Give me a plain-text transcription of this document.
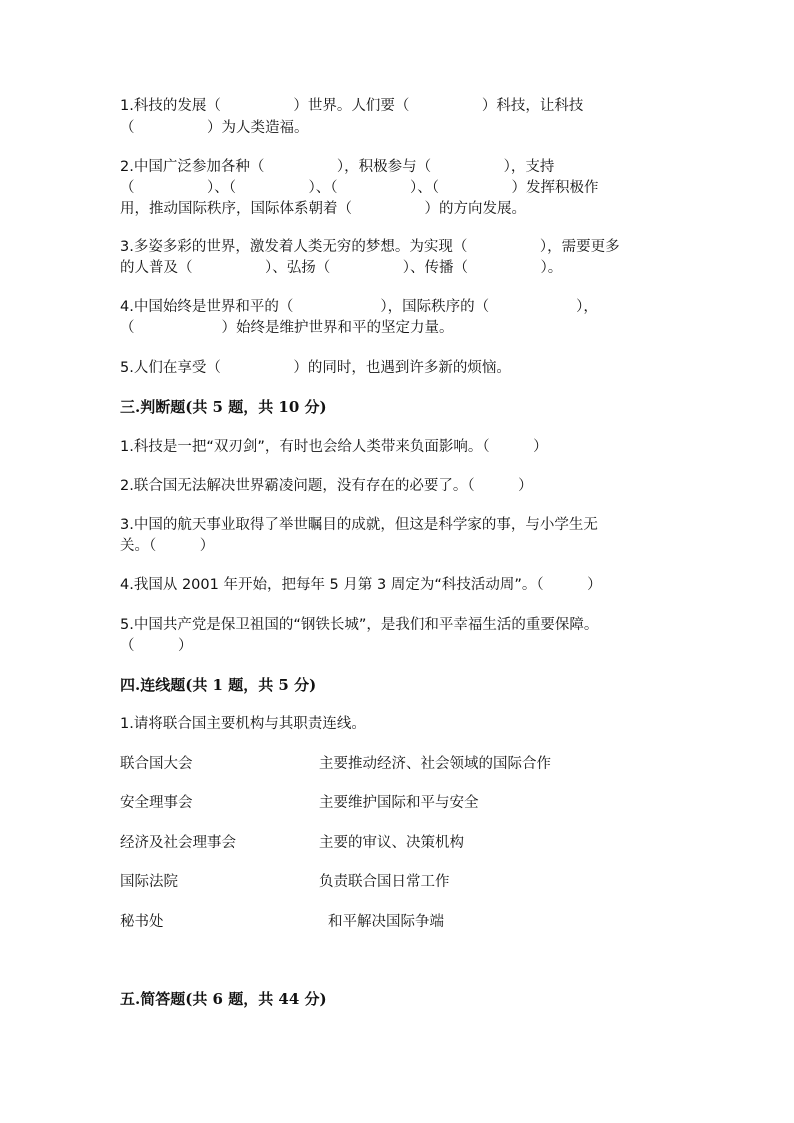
1.科技的发展（　　　　　）世界。人们要（　　　　　）科技，让科技
（　　　　　）为人类造福。
2.中国广泛参加各种（　　　　　），积极参与（　　　　　），支持
（　　　　　）、（　　　　　）、（　　　　　）、（　　　　　）发挥积极作
用，推动国际秩序，国际体系朝着（　　　　　）的方向发展。
3.多姿多彩的世界，激发着人类无穷的梦想。为实现（　　　　　），需要更多
的人普及（　　　　　）、弘扬（　　　　　）、传播（　　　　　）。
4.中国始终是世界和平的（　　　　　　），国际秩序的（　　　　　　），
（　　　　　　）始终是维护世界和平的坚定力量。
5.人们在享受（　　　　　）的同时，也遇到许多新的烦恼。
三.判断题(共 5 题，共 10 分)
1.科技是一把“双刃剑”，有时也会给人类带来负面影响。（　　　）
2.联合国无法解决世界霸凌问题，没有存在的必要了。（　　　）
3.中国的航天事业取得了举世瞩目的成就，但这是科学家的事，与小学生无
关。（　　　）
4.我国从 2001 年开始，把每年 5 月第 3 周定为“科技活动周”。（　　　）
5.中国共产党是保卫祖国的“钢铁长城”，是我们和平幸福生活的重要保障。
（　　　）
四.连线题(共 1 题，共 5 分)
1.请将联合国主要机构与其职责连线。
联合国大会	主要推动经济、社会领域的国际合作
安全理事会	主要维护国际和平与安全
经济及社会理事会	主要的审议、决策机构
国际法院	负责联合国日常工作
秘书处	和平解决国际争端
五.简答题(共 6 题，共 44 分)
